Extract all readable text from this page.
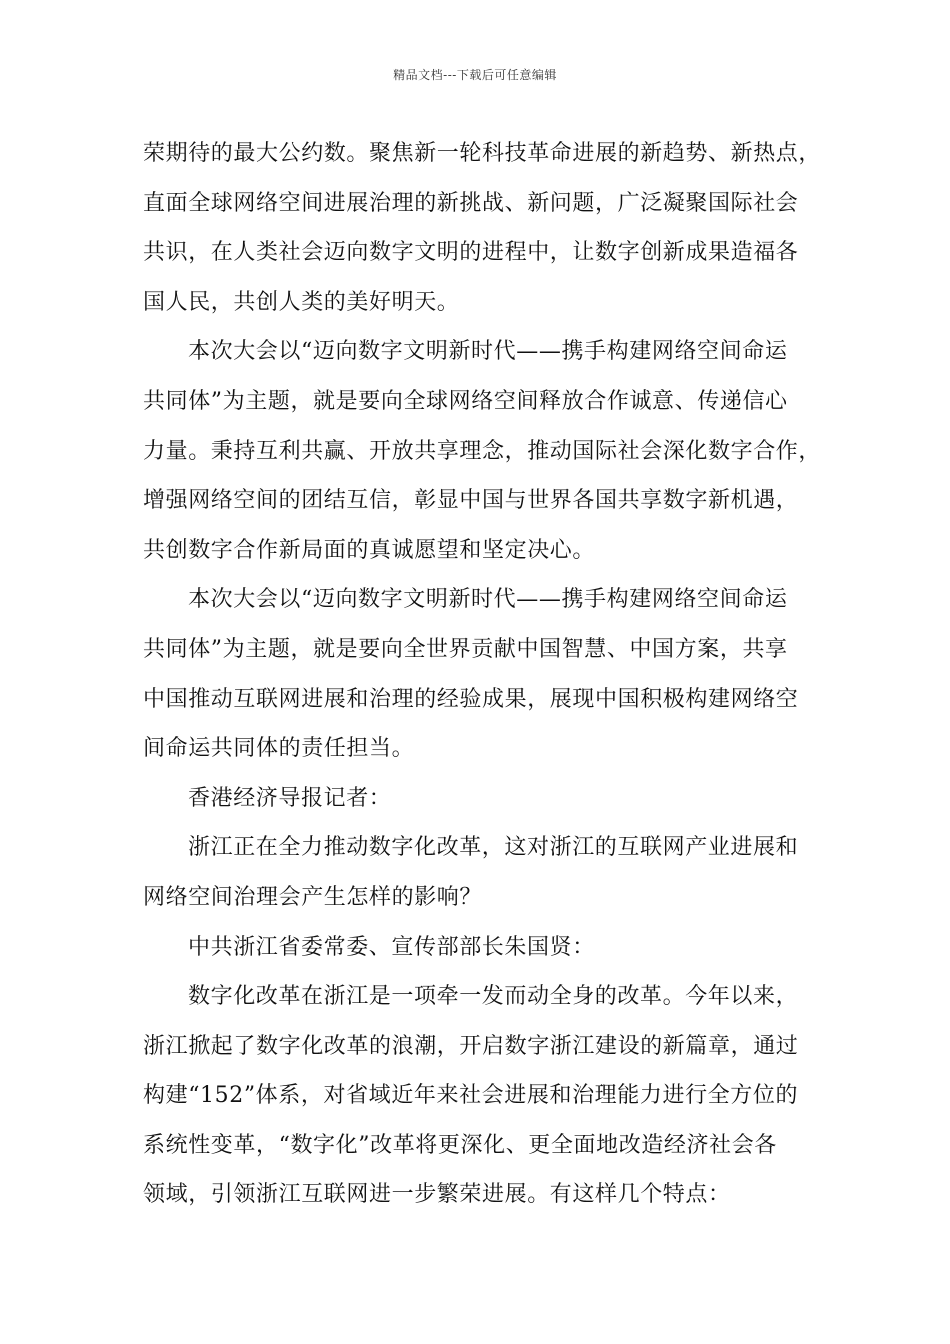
精品文档---下载后可任意编辑

荣期待的最大公约数。聚焦新一轮科技革命进展的新趋势、新热点，
直面全球网络空间进展治理的新挑战、新问题，广泛凝聚国际社会
共识，在人类社会迈向数字文明的进程中，让数字创新成果造福各
国人民，共创人类的美好明天。

本次大会以“迈向数字文明新时代——携手构建网络空间命运
共同体”为主题，就是要向全球网络空间释放合作诚意、传递信心
力量。秉持互利共赢、开放共享理念，推动国际社会深化数字合作，
增强网络空间的团结互信，彰显中国与世界各国共享数字新机遇，
共创数字合作新局面的真诚愿望和坚定决心。

本次大会以“迈向数字文明新时代——携手构建网络空间命运
共同体”为主题，就是要向全世界贡献中国智慧、中国方案，共享
中国推动互联网进展和治理的经验成果，展现中国积极构建网络空
间命运共同体的责任担当。

香港经济导报记者：

浙江正在全力推动数字化改革，这对浙江的互联网产业进展和
网络空间治理会产生怎样的影响？

中共浙江省委常委、宣传部部长朱国贤：

数字化改革在浙江是一项牵一发而动全身的改革。今年以来，
浙江掀起了数字化改革的浪潮，开启数字浙江建设的新篇章，通过
构建“152”体系，对省域近年来社会进展和治理能力进行全方位的
系统性变革，“数字化”改革将更深化、更全面地改造经济社会各
领域，引领浙江互联网进一步繁荣进展。有这样几个特点：
